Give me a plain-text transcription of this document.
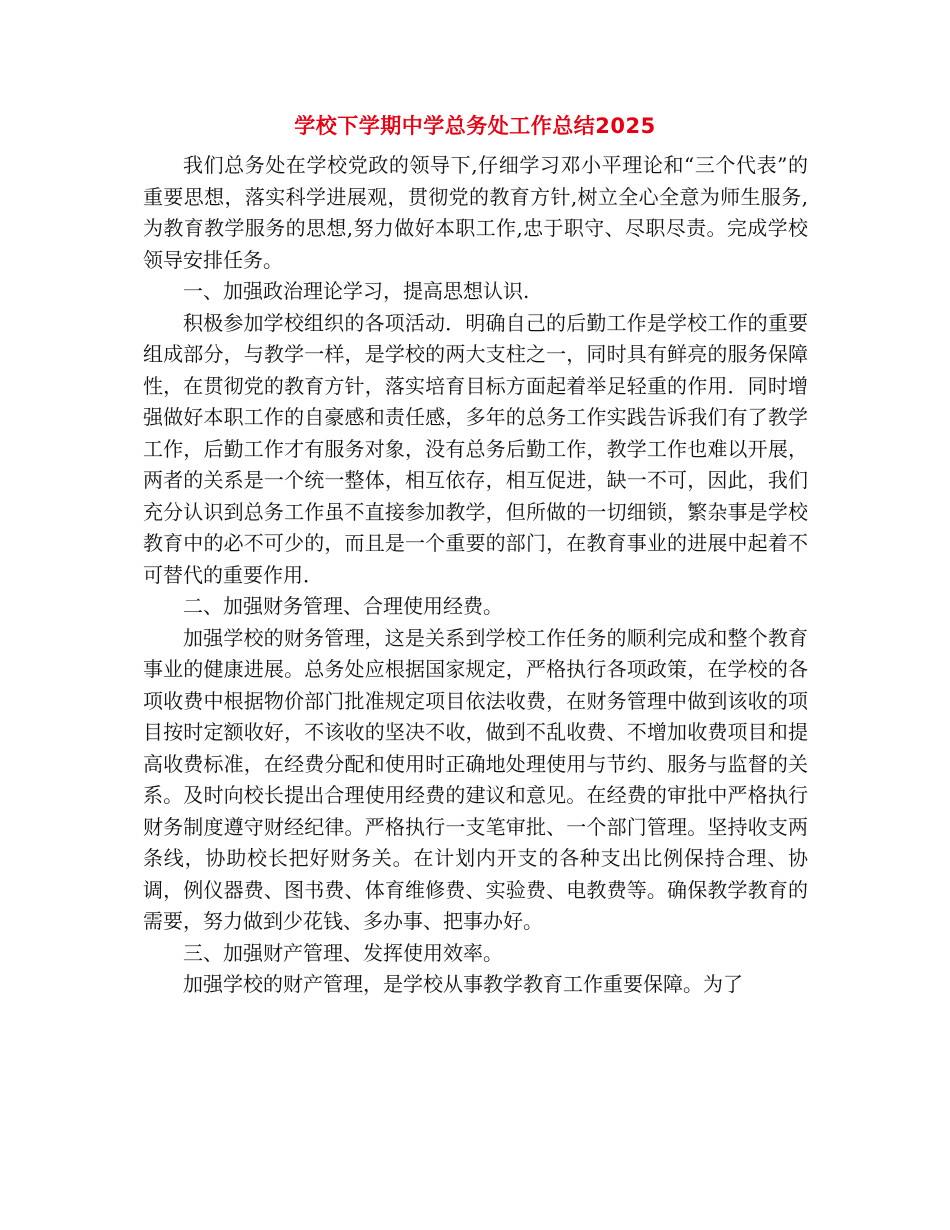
学校下学期中学总务处工作总结2025

我们总务处在学校党政的领导下,仔细学习邓小平理论和“三个代表”的重要思想，落实科学进展观，贯彻党的教育方针,树立全心全意为师生服务,为教育教学服务的思想,努力做好本职工作,忠于职守、尽职尽责。完成学校领导安排任务。

一、加强政治理论学习，提高思想认识.

积极参加学校组织的各项活动．明确自己的后勤工作是学校工作的重要组成部分，与教学一样，是学校的两大支柱之一，同时具有鲜亮的服务保障性，在贯彻党的教育方针，落实培育目标方面起着举足轻重的作用．同时增强做好本职工作的自豪感和责任感，多年的总务工作实践告诉我们有了教学工作，后勤工作才有服务对象，没有总务后勤工作，教学工作也难以开展，两者的关系是一个统一整体，相互依存，相互促进，缺一不可，因此，我们充分认识到总务工作虽不直接参加教学，但所做的一切细锁，繁杂事是学校教育中的必不可少的，而且是一个重要的部门，在教育事业的进展中起着不可替代的重要作用．

二、加强财务管理、合理使用经费。

加强学校的财务管理，这是关系到学校工作任务的顺利完成和整个教育事业的健康进展。总务处应根据国家规定，严格执行各项政策，在学校的各项收费中根据物价部门批准规定项目依法收费，在财务管理中做到该收的项目按时定额收好，不该收的坚决不收，做到不乱收费、不增加收费项目和提高收费标准，在经费分配和使用时正确地处理使用与节约、服务与监督的关系。及时向校长提出合理使用经费的建议和意见。在经费的审批中严格执行财务制度遵守财经纪律。严格执行一支笔审批、一个部门管理。坚持收支两条线，协助校长把好财务关。在计划内开支的各种支出比例保持合理、协调，例仪器费、图书费、体育维修费、实验费、电教费等。确保教学教育的需要，努力做到少花钱、多办事、把事办好。

三、加强财产管理、发挥使用效率。

加强学校的财产管理，是学校从事教学教育工作重要保障。为了
